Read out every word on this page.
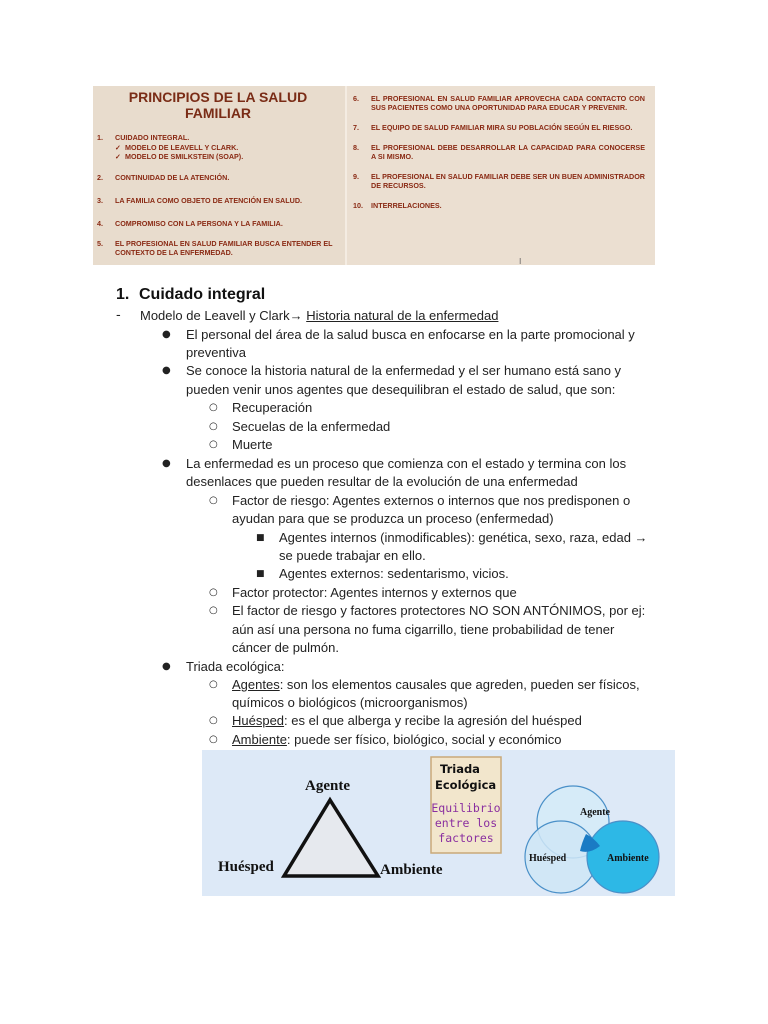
PRINCIPIOS DE LA SALUD FAMILIAR
1.	CUIDADO INTEGRAL.
✓ MODELO DE LEAVELL Y CLARK.
✓ MODELO DE SMILKSTEIN (SOAP).
2.	CONTINUIDAD DE LA ATENCIÓN.
3.	LA FAMILIA COMO OBJETO DE ATENCIÓN EN SALUD.
4.	COMPROMISO CON LA PERSONA Y LA FAMILIA.
5.	EL PROFESIONAL EN SALUD FAMILIAR BUSCA ENTENDER EL CONTEXTO DE LA ENFERMEDAD.
6.	EL PROFESIONAL EN SALUD FAMILIAR APROVECHA CADA CONTACTO CON SUS PACIENTES COMO UNA OPORTUNIDAD PARA EDUCAR Y PREVENIR.
7.	EL EQUIPO DE SALUD FAMILIAR MIRA SU POBLACIÓN SEGÚN EL RIESGO.
8.	EL PROFESIONAL DEBE DESARROLLAR LA CAPACIDAD PARA CONOCERSE A SI MISMO.
9.	EL PROFESIONAL EN SALUD FAMILIAR DEBE SER UN BUEN ADMINISTRADOR DE RECURSOS.
10.	INTERRELACIONES.
I
1. Cuidado integral
- Modelo de Leavell y Clark→ Historia natural de la enfermedad
● El personal del área de la salud busca en enfocarse en la parte promocional y
preventiva
● Se conoce la historia natural de la enfermedad y el ser humano está sano y
pueden venir unos agentes que desequilibran el estado de salud, que son:
○ Recuperación
○ Secuelas de la enfermedad
○ Muerte
● La enfermedad es un proceso que comienza con el estado y termina con los
desenlaces que pueden resultar de la evolución de una enfermedad
○ Factor de riesgo: Agentes externos o internos que nos predisponen o
ayudan para que se produzca un proceso (enfermedad)
■ Agentes internos (inmodificables): genética, sexo, raza, edad →
se puede trabajar en ello.
■ Agentes externos: sedentarismo, vicios.
○ Factor protector: Agentes internos y externos que
○ El factor de riesgo y factores protectores NO SON ANTÓNIMOS, por ej:
aún así una persona no fuma cigarrillo, tiene probabilidad de tener
cáncer de pulmón.
● Triada ecológica:
○ Agentes: son los elementos causales que agreden, pueden ser físicos,
químicos o biológicos (microorganismos)
○ Huésped: es el que alberga y recibe la agresión del huésped
○ Ambiente: puede ser físico, biológico, social y económico
Agente
Huésped	Ambiente
Triada
Ecológica
Equilibrio
entre los
factores
Agente
Huésped	Ambiente
